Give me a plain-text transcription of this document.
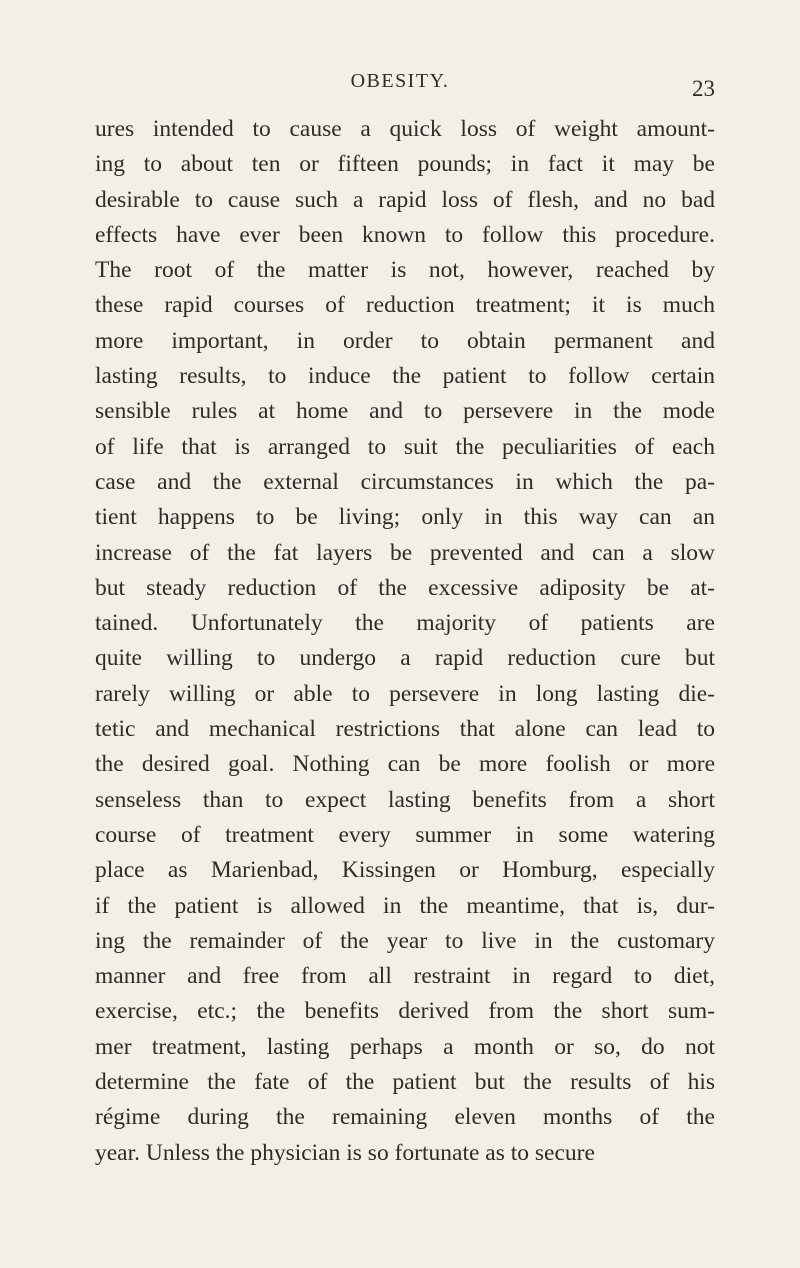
OBESITY.	23
ures intended to cause a quick loss of weight amount-
ing to about ten or fifteen pounds; in fact it may be
desirable to cause such a rapid loss of flesh, and no bad
effects have ever been known to follow this procedure.
The root of the matter is not, however, reached by
these rapid courses of reduction treatment; it is much
more important, in order to obtain permanent and
lasting results, to induce the patient to follow certain
sensible rules at home and to persevere in the mode
of life that is arranged to suit the peculiarities of each
case and the external circumstances in which the pa-
tient happens to be living; only in this way can an
increase of the fat layers be prevented and can a slow
but steady reduction of the excessive adiposity be at-
tained. Unfortunately the majority of patients are
quite willing to undergo a rapid reduction cure but
rarely willing or able to persevere in long lasting die-
tetic and mechanical restrictions that alone can lead to
the desired goal. Nothing can be more foolish or more
senseless than to expect lasting benefits from a short
course of treatment every summer in some watering
place as Marienbad, Kissingen or Homburg, especially
if the patient is allowed in the meantime, that is, dur-
ing the remainder of the year to live in the customary
manner and free from all restraint in regard to diet,
exercise, etc.; the benefits derived from the short sum-
mer treatment, lasting perhaps a month or so, do not
determine the fate of the patient but the results of his
régime during the remaining eleven months of the
year. Unless the physician is so fortunate as to secure
